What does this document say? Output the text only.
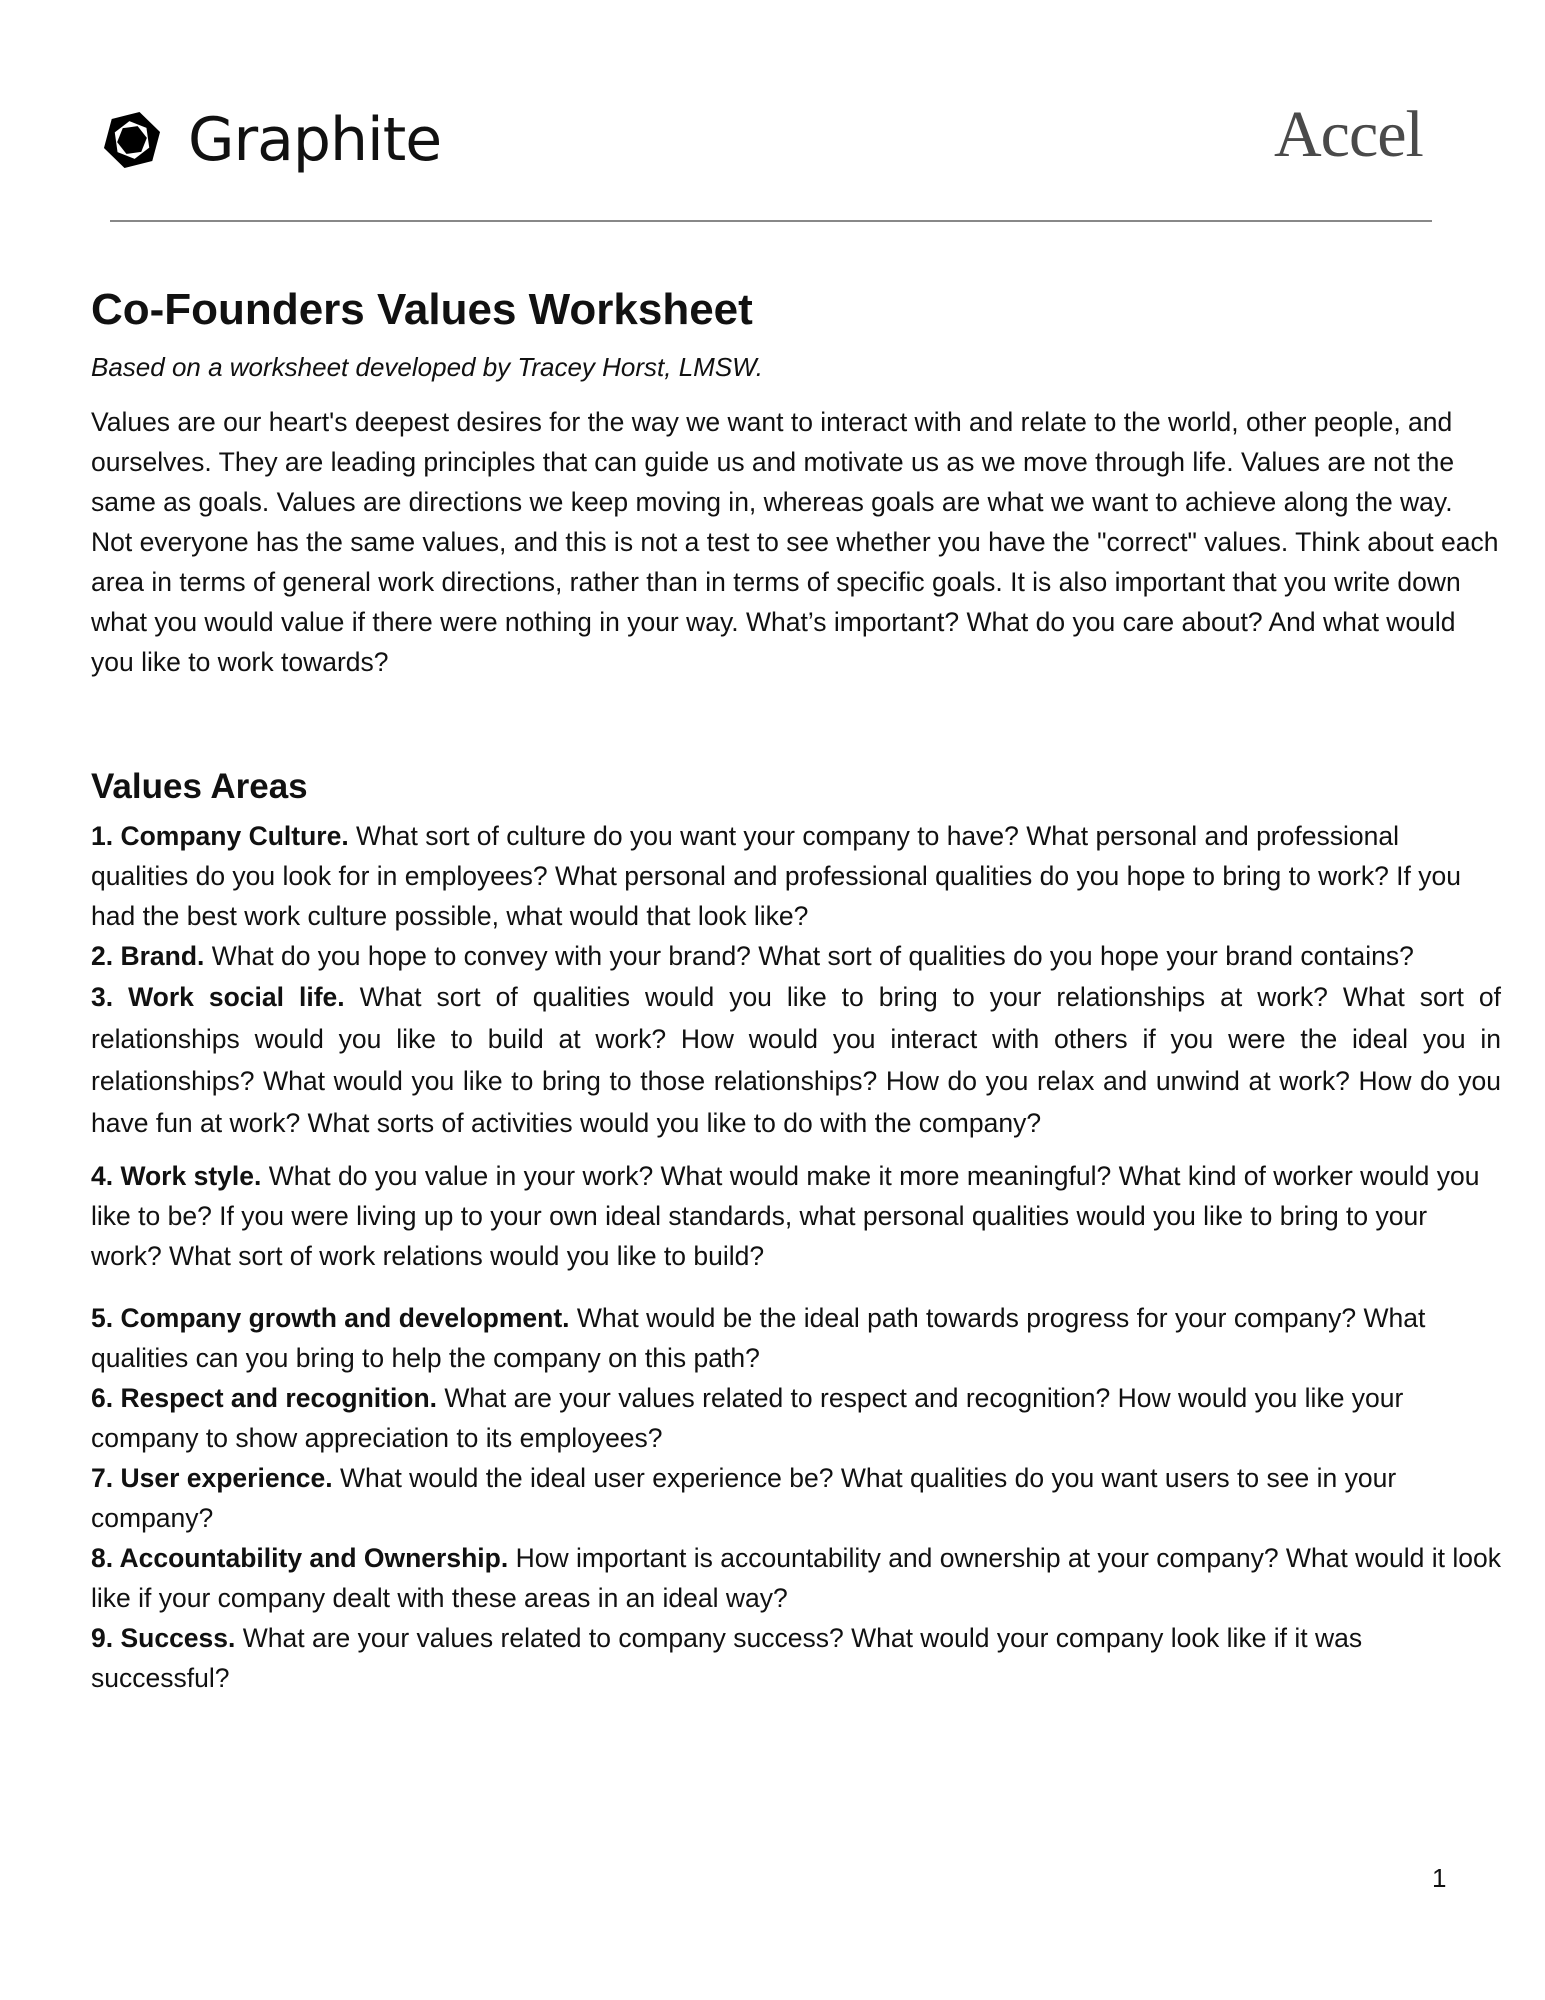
Graphite	Accel
Co-Founders Values Worksheet

Based on a worksheet developed by Tracey Horst, LMSW.

Values are our heart's deepest desires for the way we want to interact with and relate to the world, other people, and ourselves. They are leading principles that can guide us and motivate us as we move through life. Values are not the same as goals. Values are directions we keep moving in, whereas goals are what we want to achieve along the way.

Not everyone has the same values, and this is not a test to see whether you have the "correct" values. Think about each area in terms of general work directions, rather than in terms of specific goals. It is also important that you write down what you would value if there were nothing in your way. What’s important? What do you care about? And what would you like to work towards?

Values Areas
1. Company Culture. What sort of culture do you want your company to have? What personal and professional qualities do you look for in employees? What personal and professional qualities do you hope to bring to work? If you had the best work culture possible, what would that look like?
2. Brand. What do you hope to convey with your brand? What sort of qualities do you hope your brand contains?
3. Work social life. What sort of qualities would you like to bring to your relationships at work? What sort of relationships would you like to build at work? How would you interact with others if you were the ideal you in relationships? What would you like to bring to those relationships? How do you relax and unwind at work? How do you have fun at work? What sorts of activities would you like to do with the company?
4. Work style. What do you value in your work? What would make it more meaningful? What kind of worker would you like to be? If you were living up to your own ideal standards, what personal qualities would you like to bring to your work? What sort of work relations would you like to build?
5. Company growth and development. What would be the ideal path towards progress for your company? What qualities can you bring to help the company on this path?
6. Respect and recognition. What are your values related to respect and recognition? How would you like your company to show appreciation to its employees?
7. User experience. What would the ideal user experience be? What qualities do you want users to see in your company?
8. Accountability and Ownership. How important is accountability and ownership at your company? What would it look like if your company dealt with these areas in an ideal way?
9. Success. What are your values related to company success? What would your company look like if it was successful?
1
